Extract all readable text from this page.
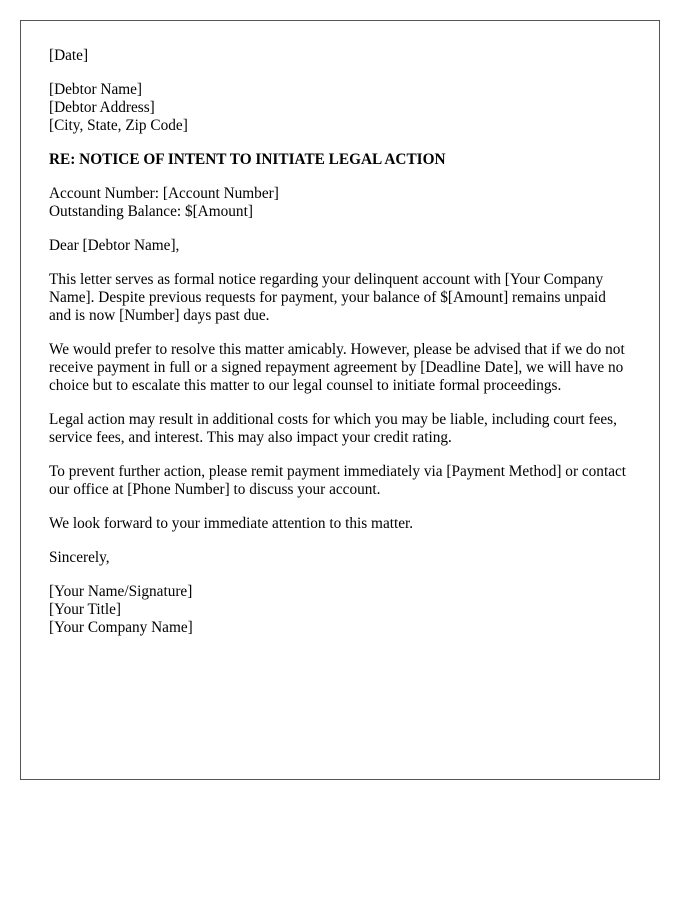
[Date]
[Debtor Name]
[Debtor Address]
[City, State, Zip Code]
RE: NOTICE OF INTENT TO INITIATE LEGAL ACTION
Account Number: [Account Number]
Outstanding Balance: $[Amount]
Dear [Debtor Name],

This letter serves as formal notice regarding your delinquent account with [Your Company Name]. Despite previous requests for payment, your balance of $[Amount] remains unpaid and is now [Number] days past due.

We would prefer to resolve this matter amicably. However, please be advised that if we do not receive payment in full or a signed repayment agreement by [Deadline Date], we will have no choice but to escalate this matter to our legal counsel to initiate formal proceedings.

Legal action may result in additional costs for which you may be liable, including court fees, service fees, and interest. This may also impact your credit rating.

To prevent further action, please remit payment immediately via [Payment Method] or contact our office at [Phone Number] to discuss your account.

We look forward to your immediate attention to this matter.

Sincerely,
[Your Name/Signature]
[Your Title]
[Your Company Name]
